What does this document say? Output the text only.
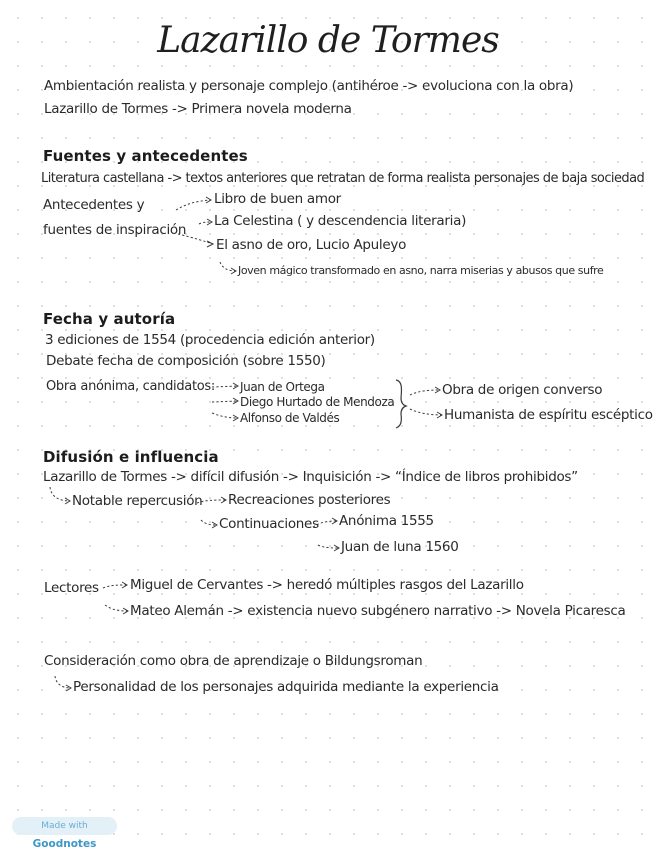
Lazarillo de Tormes
Ambientación realista y personaje complejo (antihéroe -> evoluciona con la obra)
Lazarillo de Tormes -> Primera novela moderna
Fuentes y antecedentes
Literatura castellana -> textos anteriores que retratan de forma realista personajes de baja sociedad
Antecedentes y
fuentes de inspiración
Libro de buen amor
La Celestina ( y descendencia literaria)
El asno de oro, Lucio Apuleyo
Joven mágico transformado en asno, narra miserias y abusos que sufre
Fecha y autoría
3 ediciones de 1554 (procedencia edición anterior)
Debate fecha de composición (sobre 1550)
Obra anónima, candidatos: Juan de Ortega
Diego Hurtado de Mendoza
Alfonso de Valdés
Obra de origen converso
Humanista de espíritu escéptico
Difusión e influencia
Lazarillo de Tormes -> difícil difusión -> Inquisición -> “Índice de libros prohibidos”
Notable repercusión Recreaciones posteriores
Continuaciones Anónima 1555
Juan de luna 1560
Lectores Miguel de Cervantes -> heredó múltiples rasgos del Lazarillo
Mateo Alemán -> existencia nuevo subgénero narrativo -> Novela Picaresca
Consideración como obra de aprendizaje o Bildungsroman
Personalidad de los personajes adquirida mediante la experiencia
Made with Goodnotes
